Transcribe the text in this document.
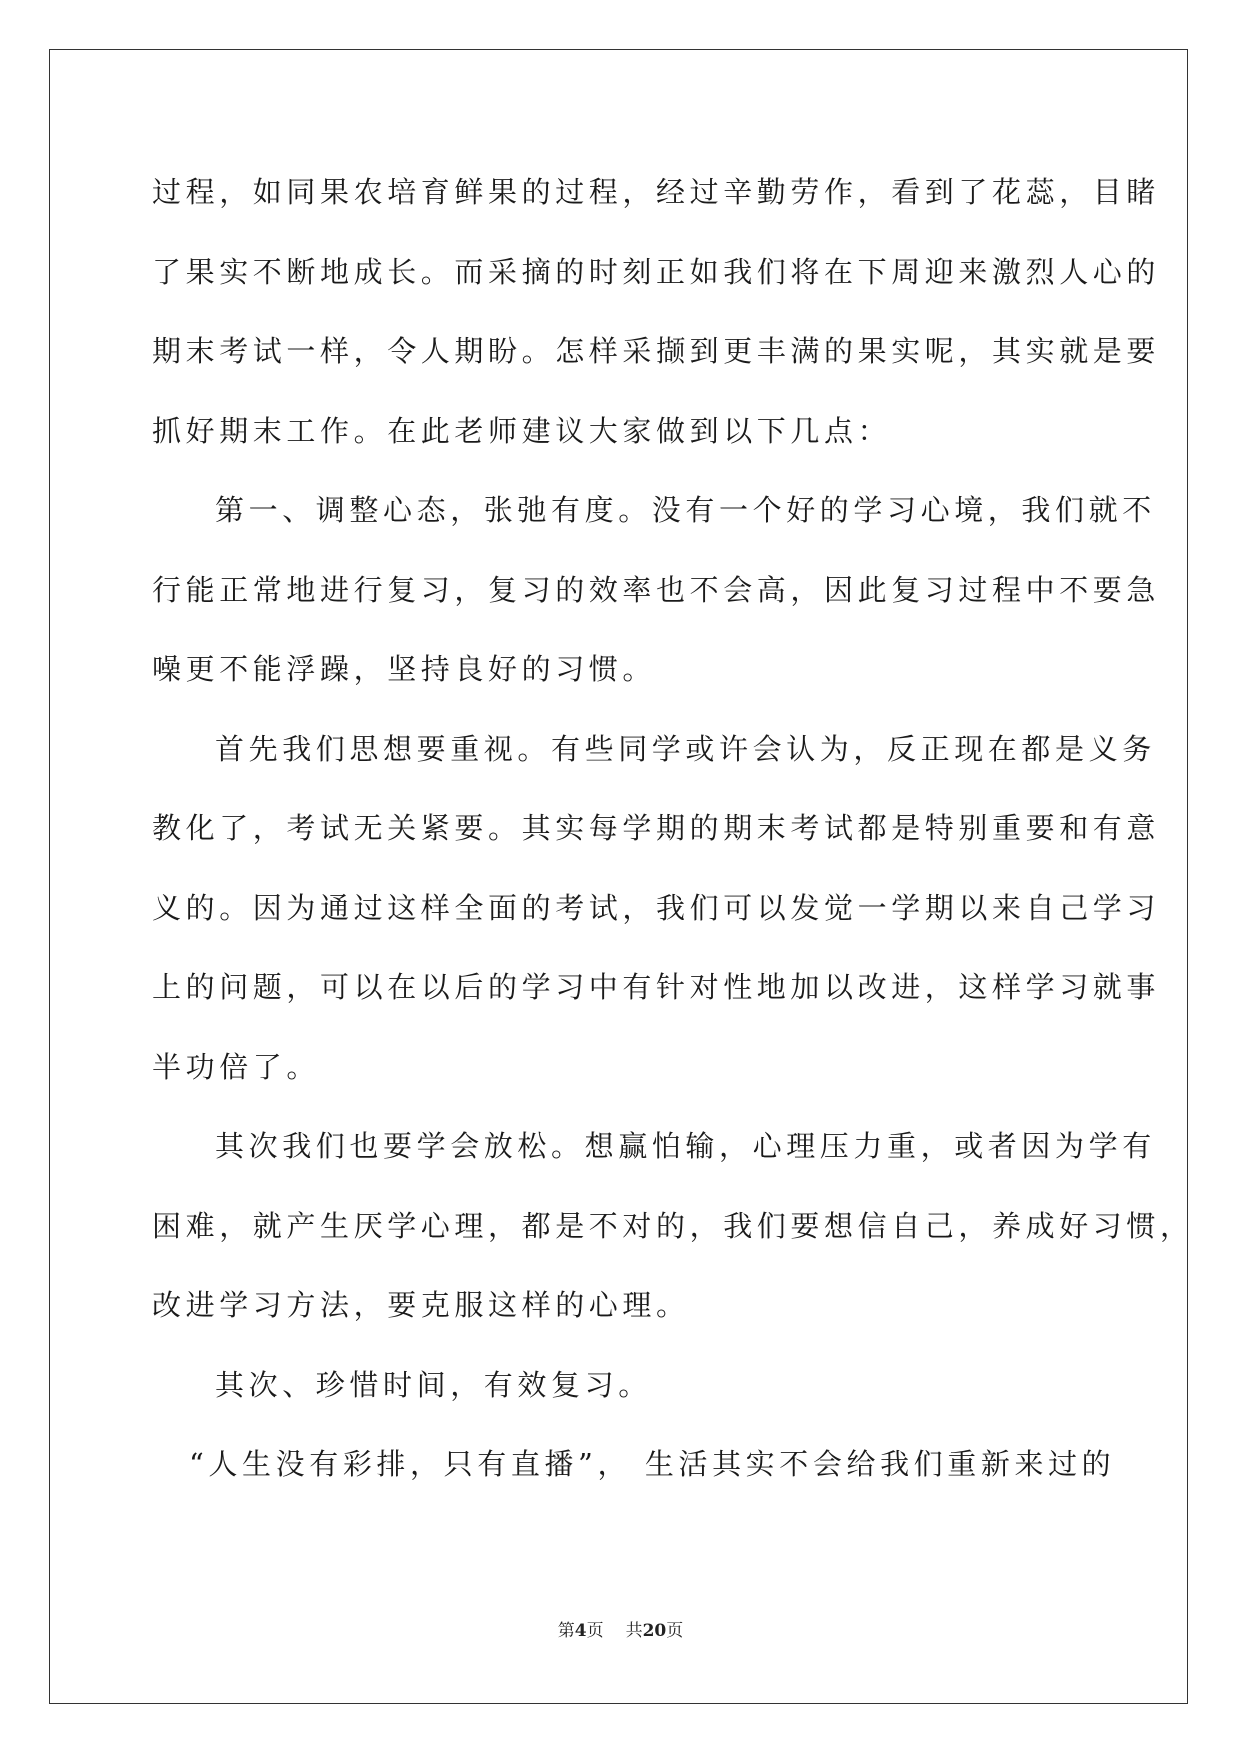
过程，如同果农培育鲜果的过程，经过辛勤劳作，看到了花蕊，目睹
了果实不断地成长。而采摘的时刻正如我们将在下周迎来激烈人心的
期末考试一样，令人期盼。怎样采撷到更丰满的果实呢，其实就是要
抓好期末工作。在此老师建议大家做到以下几点：
第一、调整心态，张弛有度。没有一个好的学习心境，我们就不
行能正常地进行复习，复习的效率也不会高，因此复习过程中不要急
噪更不能浮躁，坚持良好的习惯。
首先我们思想要重视。有些同学或许会认为，反正现在都是义务
教化了，考试无关紧要。其实每学期的期末考试都是特别重要和有意
义的。因为通过这样全面的考试，我们可以发觉一学期以来自己学习
上的问题，可以在以后的学习中有针对性地加以改进，这样学习就事
半功倍了。
其次我们也要学会放松。想赢怕输，心理压力重，或者因为学有
困难，就产生厌学心理，都是不对的，我们要想信自己，养成好习惯，
改进学习方法，要克服这样的心理。
其次、珍惜时间，有效复习。
“人生没有彩排，只有直播”， 生活其实不会给我们重新来过的
第4页 共20页
